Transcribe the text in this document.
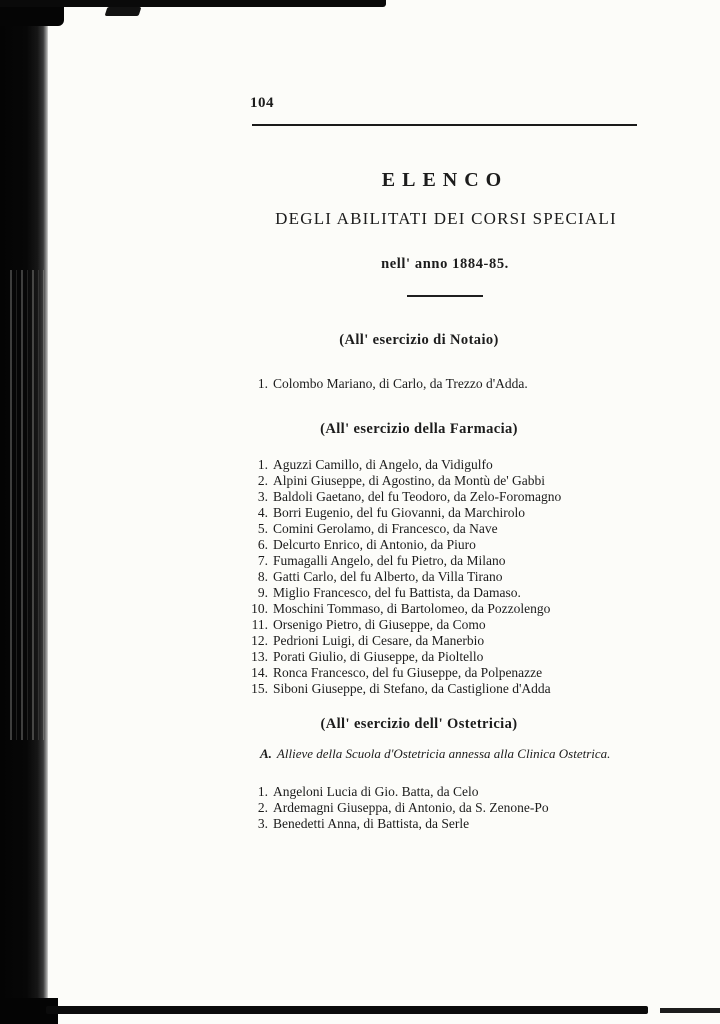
104
ELENCO
DEGLI ABILITATI DEI CORSI SPECIALI
nell' anno 1884-85.
(All' esercizio di Notaio)
1. Colombo Mariano, di Carlo, da Trezzo d'Adda.
(All' esercizio della Farmacia)
1. Aguzzi Camillo, di Angelo, da Vidigulfo
2. Alpini Giuseppe, di Agostino, da Montù de' Gabbi
3. Baldoli Gaetano, del fu Teodoro, da Zelo-Foromagno
4. Borri Eugenio, del fu Giovanni, da Marchirolo
5. Comini Gerolamo, di Francesco, da Nave
6. Delcurto Enrico, di Antonio, da Piuro
7. Fumagalli Angelo, del fu Pietro, da Milano
8. Gatti Carlo, del fu Alberto, da Villa Tirano
9. Miglio Francesco, del fu Battista, da Damaso.
10. Moschini Tommaso, di Bartolomeo, da Pozzolengo
11. Orsenigo Pietro, di Giuseppe, da Como
12. Pedrioni Luigi, di Cesare, da Manerbio
13. Porati Giulio, di Giuseppe, da Pioltello
14. Ronca Francesco, del fu Giuseppe, da Polpenazze
15. Siboni Giuseppe, di Stefano, da Castiglione d'Adda
(All' esercizio dell' Ostetricia)
A. Allieve della Scuola d'Ostetricia annessa alla Clinica Ostetrica.
1. Angeloni Lucia di Gio. Batta, da Celo
2. Ardemagni Giuseppa, di Antonio, da S. Zenone-Po
3. Benedetti Anna, di Battista, da Serle
